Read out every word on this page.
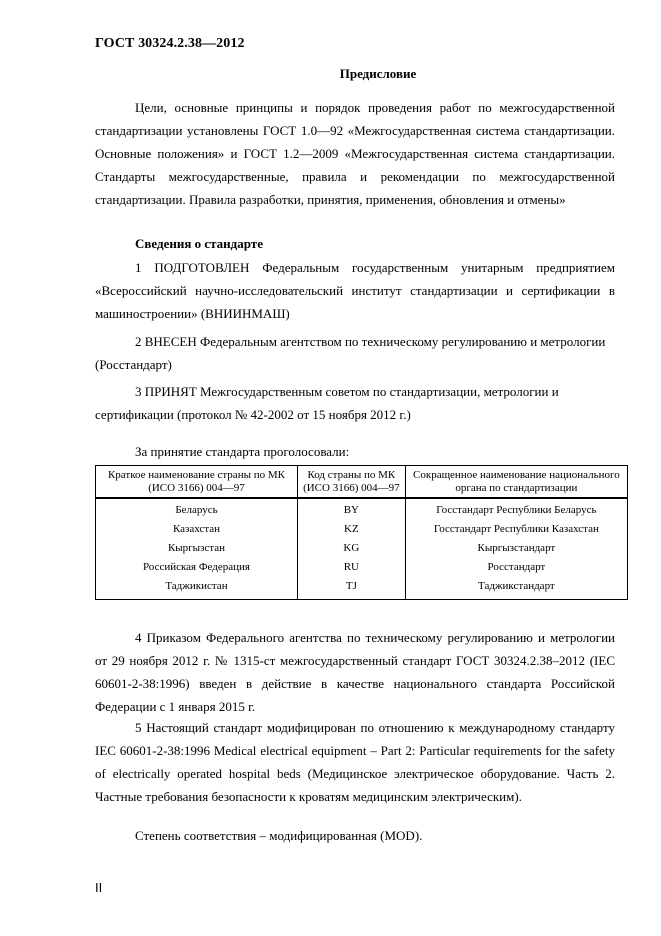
ГОСТ 30324.2.38—2012
Предисловие
Цели, основные принципы и порядок проведения работ по межгосударственной стандартизации установлены ГОСТ 1.0—92 «Межгосударственная система стандартизации. Основные положения» и ГОСТ 1.2—2009 «Межгосударственная система стандартизации. Стандарты межгосударственные, правила и рекомендации по межгосударственной стандартизации. Правила разработки, принятия, применения, обновления и отмены»
Сведения о стандарте
1 ПОДГОТОВЛЕН Федеральным государственным унитарным предприятием «Всероссийский научно-исследовательский институт стандартизации и сертификации в машиностроении» (ВНИИНМАШ)
2 ВНЕСЕН Федеральным агентством по техническому регулированию и метрологии (Росстандарт)
3 ПРИНЯТ Межгосударственным советом по стандартизации, метрологии и сертификации (протокол № 42-2002 от 15 ноября 2012 г.)
За принятие стандарта проголосовали:
Краткое наименование страны по МК (ИСО 3166) 004—97	Код страны по МК (ИСО 3166) 004—97	Сокращенное наименование национального органа по стандартизации
Беларусь	BY	Госстандарт Республики Беларусь
Казахстан	KZ	Госстандарт Республики Казахстан
Кыргызстан	KG	Кыргызстандарт
Российская Федерация	RU	Росстандарт
Таджикистан	TJ	Таджикстандарт
4 Приказом Федерального агентства по техническому регулированию и метрологии от 29 ноября 2012 г. № 1315-ст межгосударственный стандарт ГОСТ 30324.2.38–2012 (IEC 60601-2-38:1996) введен в действие в качестве национального стандарта Российской Федерации с 1 января 2015 г.
5 Настоящий стандарт модифицирован по отношению к международному стандарту IEC 60601-2-38:1996 Medical electrical equipment – Part 2: Particular requirements for the safety of electrically operated hospital beds (Медицинское электрическое оборудование. Часть 2. Частные требования безопасности к кроватям медицинским электрическим).
Степень соответствия – модифицированная (MOD).
II
